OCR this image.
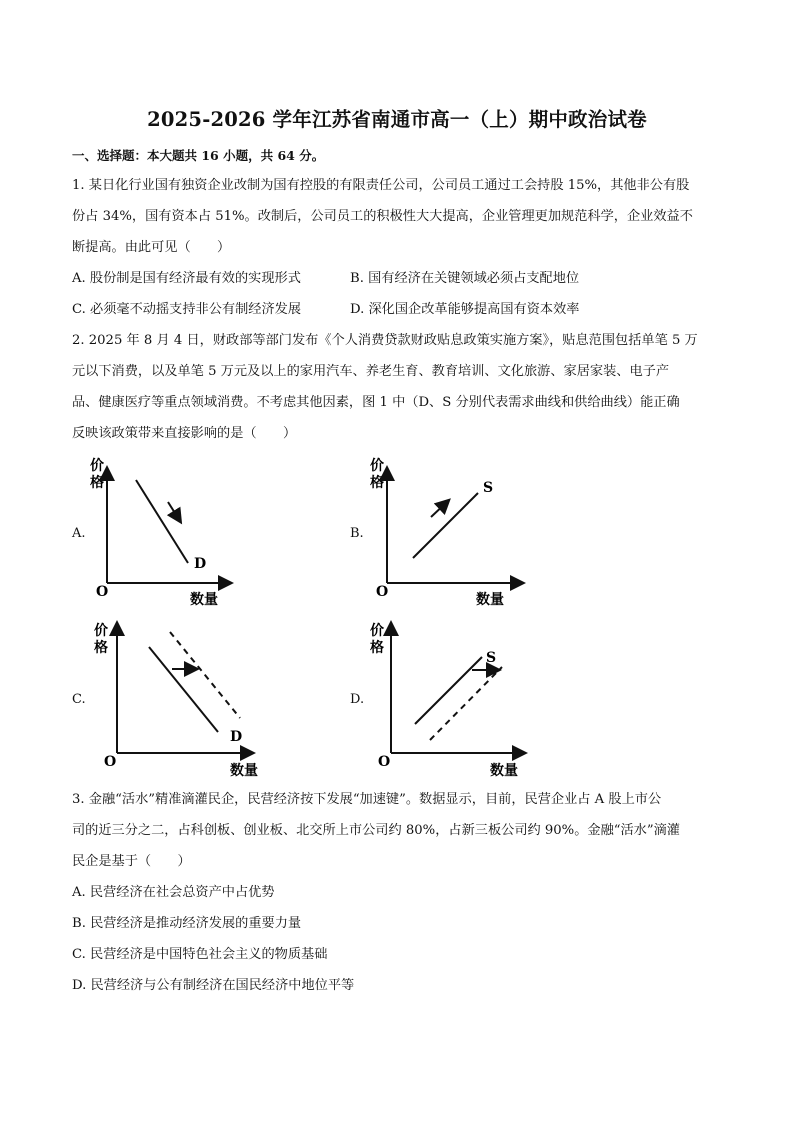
2025-2026 学年江苏省南通市高一（上）期中政治试卷
一、选择题：本大题共 16 小题，共 64 分。
1. 某日化行业国有独资企业改制为国有控股的有限责任公司，公司员工通过工会持股 15%，其他非公有股
份占 34%，国有资本占 51%。改制后，公司员工的积极性大大提高，企业管理更加规范科学，企业效益不
断提高。由此可见（　　）
A. 股份制是国有经济最有效的实现形式	B. 国有经济在关键领域必须占支配地位
C. 必须毫不动摇支持非公有制经济发展	D. 深化国企改革能够提高国有资本效率
2. 2025 年 8 月 4 日，财政部等部门发布《个人消费贷款财政贴息政策实施方案》，贴息范围包括单笔 5 万
元以下消费，以及单笔 5 万元及以上的家用汽车、养老生育、教育培训、文化旅游、家居家装、电子产
品、健康医疗等重点领域消费。不考虑其他因素，图 1 中（D、S 分别代表需求曲线和供给曲线）能正确
反映该政策带来直接影响的是（　　）
A.
价
格
O	数量
D
B.
价
格
O	数量
S
C.
价
格
O
数量
D
D.
价
格
O
数量
S
3. 金融“活水”精准滴灌民企，民营经济按下发展“加速键”。数据显示，目前，民营企业占 A 股上市公
司的近三分之二，占科创板、创业板、北交所上市公司约 80%，占新三板公司约 90%。金融“活水”滴灌
民企是基于（　　）
A. 民营经济在社会总资产中占优势
B. 民营经济是推动经济发展的重要力量
C. 民营经济是中国特色社会主义的物质基础
D. 民营经济与公有制经济在国民经济中地位平等
